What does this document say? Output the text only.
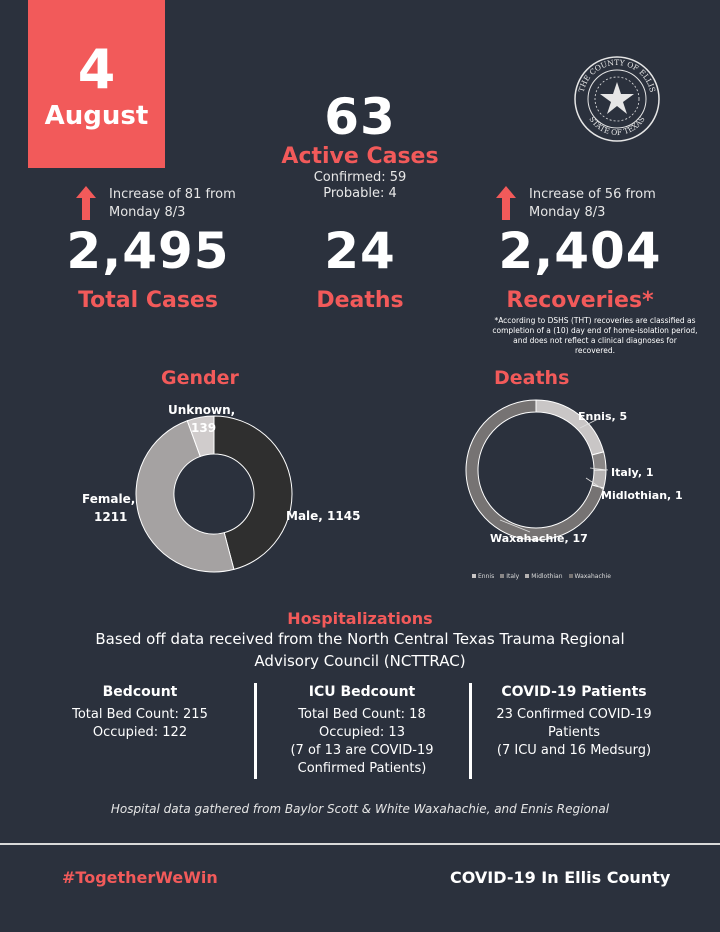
4
August
THE COUNTY OF ELLIS
STATE OF TEXAS
63
Active Cases
Confirmed: 59
Probable: 4
Increase of 81 from
Monday 8/3
2,495
Total Cases
24
Deaths
Increase of 56 from
Monday 8/3
2,404
Recoveries*
*According to DSHS (THT) recoveries are classified as
completion of a (10) day end of home-isolation period,
and does not reflect a clinical diagnoses for
recovered.
Gender
Male, 1145
Female,
1211
Unknown,
139
Deaths
Ennis, 5
Italy, 1
Midlothian, 1
Waxahachie, 17
Ennis	Italy	Midlothian	Waxahachie
Hospitalizations
Based off data received from the North Central Texas Trauma Regional
Advisory Council (NCTTRAC)
Bedcount
Total Bed Count: 215
Occupied: 122
ICU Bedcount
Total Bed Count: 18
Occupied: 13
(7 of 13 are COVID-19
Confirmed Patients)
COVID-19 Patients
23 Confirmed COVID-19
Patients
(7 ICU and 16 Medsurg)
Hospital data gathered from Baylor Scott & White Waxahachie, and Ennis Regional
#TogetherWeWin	COVID-19 In Ellis County
